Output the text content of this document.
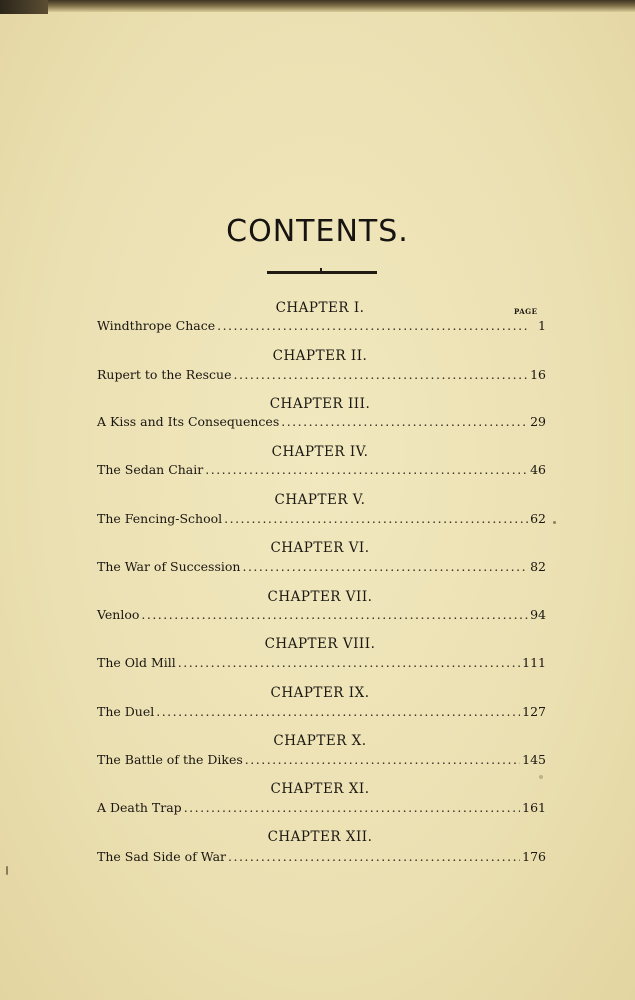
CONTENTS.
PAGE
CHAPTER I.
Windthrope Chace .....	1
CHAPTER II.
Rupert to the Rescue .....	16
CHAPTER III.
A Kiss and Its Consequences .....	29
CHAPTER IV.
The Sedan Chair .....	46
CHAPTER V.
The Fencing-School .....	62
CHAPTER VI.
The War of Succession .....	82
CHAPTER VII.
Venloo .....	94
CHAPTER VIII.
The Old Mill .....	111
CHAPTER IX.
The Duel .....	127
CHAPTER X.
The Battle of the Dikes .....	145
CHAPTER XI.
A Death Trap .....	161
CHAPTER XII.
The Sad Side of War .....	176
